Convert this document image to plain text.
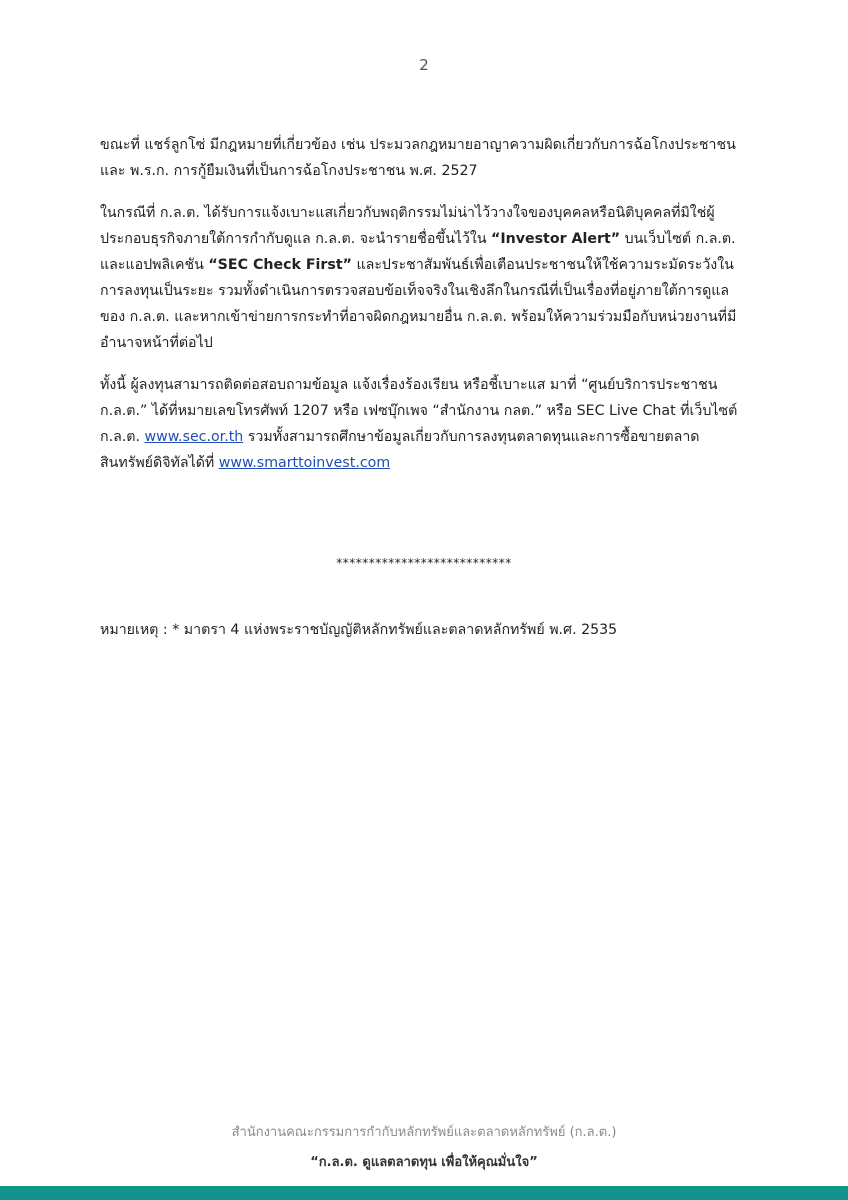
2

ขณะที่ แชร์ลูกโซ่ มีกฎหมายที่เกี่ยวข้อง เช่น ประมวลกฎหมายอาญาความผิดเกี่ยวกับการฉ้อโกงประชาชน และ พ.ร.ก. การกู้ยืมเงินที่เป็นการฉ้อโกงประชาชน พ.ศ. 2527

ในกรณีที่ ก.ล.ต. ได้รับการแจ้งเบาะแสเกี่ยวกับพฤติกรรมไม่น่าไว้วางใจของบุคคลหรือนิติบุคคลที่มิใช่ผู้ประกอบธุรกิจภายใต้การกำกับดูแล ก.ล.ต. จะนำรายชื่อขึ้นไว้ใน “Investor Alert” บนเว็บไซต์ ก.ล.ต. และแอปพลิเคชัน “SEC Check First” และประชาสัมพันธ์เพื่อเตือนประชาชนให้ใช้ความระมัดระวังในการลงทุนเป็นระยะ รวมทั้งดำเนินการตรวจสอบข้อเท็จจริงในเชิงลึกในกรณีที่เป็นเรื่องที่อยู่ภายใต้การดูแลของ ก.ล.ต. และหากเข้าข่ายการกระทำที่อาจผิดกฎหมายอื่น ก.ล.ต. พร้อมให้ความร่วมมือกับหน่วยงานที่มีอำนาจหน้าที่ต่อไป

ทั้งนี้ ผู้ลงทุนสามารถติดต่อสอบถามข้อมูล แจ้งเรื่องร้องเรียน หรือชี้เบาะแส มาที่ “ศูนย์บริการประชาชน ก.ล.ต.” ได้ที่หมายเลขโทรศัพท์ 1207 หรือ เฟซบุ๊กเพจ “สำนักงาน กลต.” หรือ SEC Live Chat ที่เว็บไซต์ ก.ล.ต. www.sec.or.th รวมทั้งสามารถศึกษาข้อมูลเกี่ยวกับการลงทุนตลาดทุนและการซื้อขายตลาดสินทรัพย์ดิจิทัลได้ที่ www.smarttoinvest.com

***************************
หมายเหตุ : * มาตรา 4 แห่งพระราชบัญญัติหลักทรัพย์และตลาดหลักทรัพย์ พ.ศ. 2535
สำนักงานคณะกรรมการกำกับหลักทรัพย์และตลาดหลักทรัพย์ (ก.ล.ต.)
“ก.ล.ต. ดูแลตลาดทุน เพื่อให้คุณมั่นใจ”
